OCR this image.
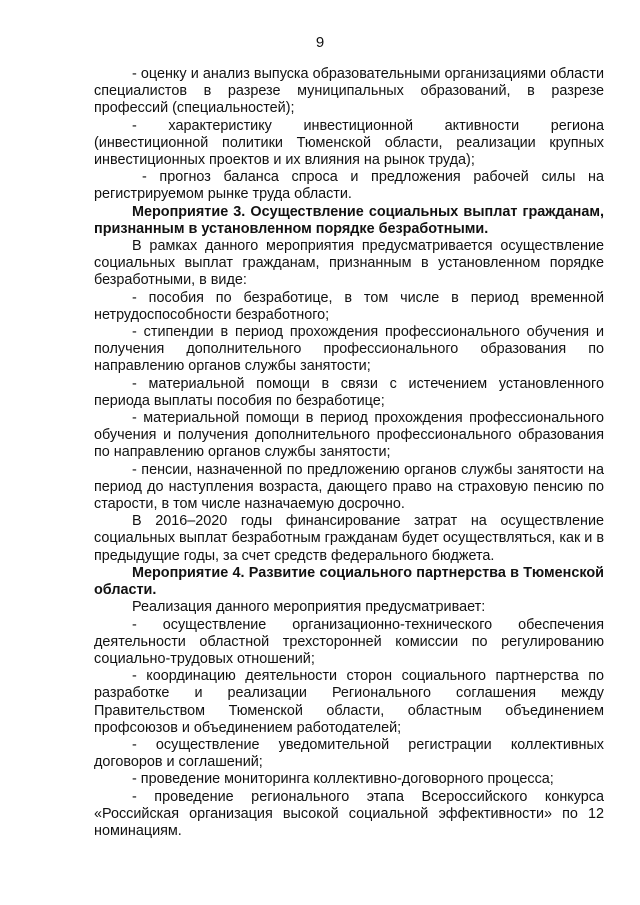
9

- оценку и анализ выпуска образовательными организациями области специалистов в разрезе муниципальных образований, в разрезе профессий (специальностей);

- характеристику инвестиционной активности региона (инвестиционной политики Тюменской области, реализации крупных инвестиционных проектов и их влияния на рынок труда);

- прогноз баланса спроса и предложения рабочей силы на регистрируемом рынке труда области.

Мероприятие 3. Осуществление социальных выплат гражданам, признанным в установленном порядке безработными.

В рамках данного мероприятия предусматривается осуществление социальных выплат гражданам, признанным в установленном порядке безработными, в виде:

- пособия по безработице, в том числе в период временной нетрудоспособности безработного;

- стипендии в период прохождения профессионального обучения и получения дополнительного профессионального образования по направлению органов службы занятости;

- материальной помощи в связи с истечением установленного периода выплаты пособия по безработице;

- материальной помощи в период прохождения профессионального обучения и получения дополнительного профессионального образования по направлению органов службы занятости;

- пенсии, назначенной по предложению органов службы занятости на период до наступления возраста, дающего право на страховую пенсию по старости, в том числе назначаемую досрочно.

В 2016–2020 годы финансирование затрат на осуществление социальных выплат безработным гражданам будет осуществляться, как и в предыдущие годы, за счет средств федерального бюджета.

Мероприятие 4. Развитие социального партнерства в Тюменской области.

Реализация данного мероприятия предусматривает:

- осуществление организационно-технического обеспечения деятельности областной трехсторонней комиссии по регулированию социально-трудовых отношений;

- координацию деятельности сторон социального партнерства по разработке и реализации Регионального соглашения между Правительством Тюменской области, областным объединением профсоюзов и объединением работодателей;

- осуществление уведомительной регистрации коллективных договоров и соглашений;

- проведение мониторинга коллективно-договорного процесса;

- проведение регионального этапа Всероссийского конкурса «Российская организация высокой социальной эффективности» по 12 номинациям.
